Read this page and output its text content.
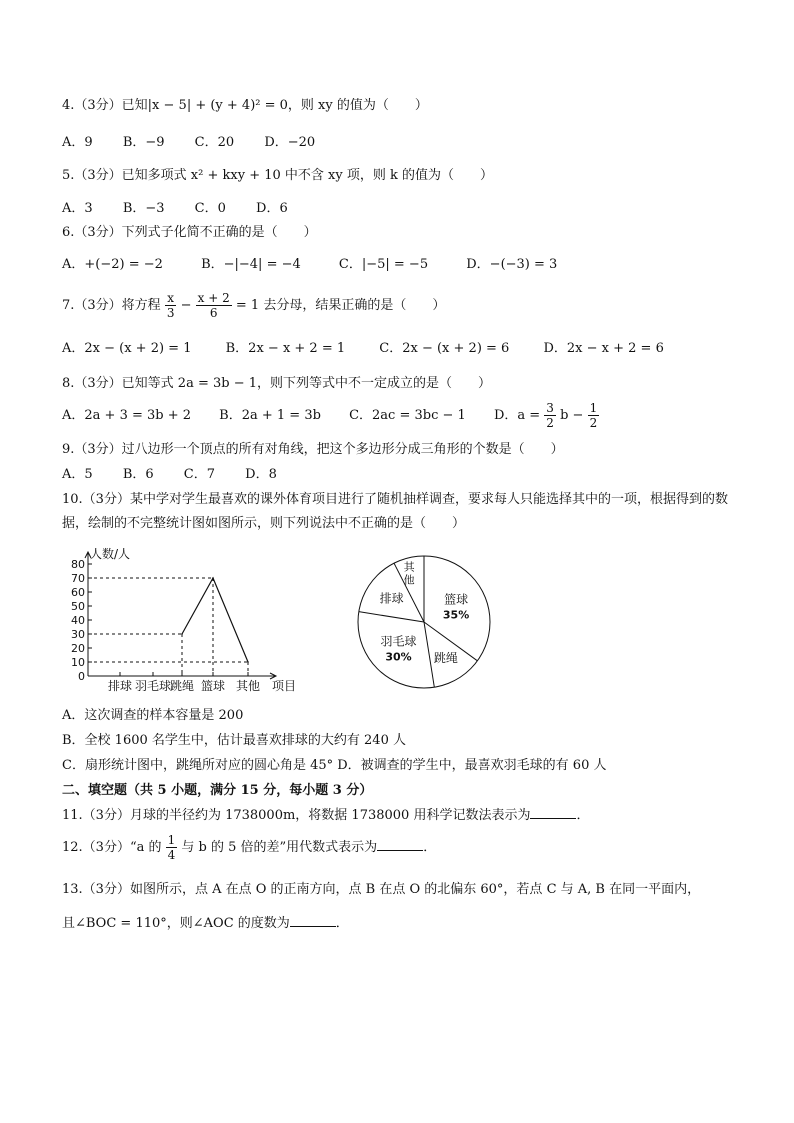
4.（3分）已知|x − 5| + (y + 4)² = 0，则 xy 的值为（　　）
A．9 B．−9 C．20 D．−20
5.（3分）已知多项式 x² + kxy + 10 中不含 xy 项，则 k 的值为（　　）
A．3 B．−3 C．0 D．6
6.（3分）下列式子化简不正确的是（　　）
A．+(−2) = −2	B．−|−4| = −4	C．|−5| = −5	D．−(−3) = 3
7.（3分）将方程 $\frac{x}{3} - \frac{x + 2}{6} = 1$ 去分母，结果正确的是（　　）
A．2x − (x + 2) = 1	B．2x − x + 2 = 1	C．2x − (x + 2) = 6	D．2x − x + 2 = 6
8.（3分）已知等式 2a = 3b − 1，则下列等式中不一定成立的是（　　）
A．2a + 3 = 3b + 2 B．2a + 1 = 3b C．2ac = 3bc − 1 D．$a = \frac{3}{2}$ $b - \frac{1}{2}$
9.（3分）过八边形一个顶点的所有对角线，把这个多边形分成三角形的个数是（　　）
A．5 B．6 C．7 D．8
10.（3分）某中学对学生最喜欢的课外体育项目进行了随机抽样调查，要求每人只能选择其中的一项，根据得到的数据，绘制的不完整统计图如图所示，则下列说法中不正确的是（　　）
0
10
20
30
40
50
60
70
80
排球 羽毛球
跳绳 篮球 其他
人数/人
项目
篮球
35%
跳绳
羽毛球
30%
排球
其
他
A．这次调查的样本容量是 200
B．全校 1600 名学生中，估计最喜欢排球的大约有 240 人
C．扇形统计图中，跳绳所对应的圆心角是 45° D．被调查的学生中，最喜欢羽毛球的有 60 人
二、填空题（共 5 小题，满分 15 分，每小题 3 分）
11.（3分）月球的半径约为 1738000m，将数据 1738000 用科学记数法表示为	．
12.（3分）“a 的 $\frac{1}{4}$ 与 b 的 5 倍的差”用代数式表示为	．
13.（3分）如图所示，点 A 在点 O 的正南方向，点 B 在点 O 的北偏东 60°，若点 C 与 A, B 在同一平面内，
且∠BOC = 110°，则∠AOC 的度数为	．
